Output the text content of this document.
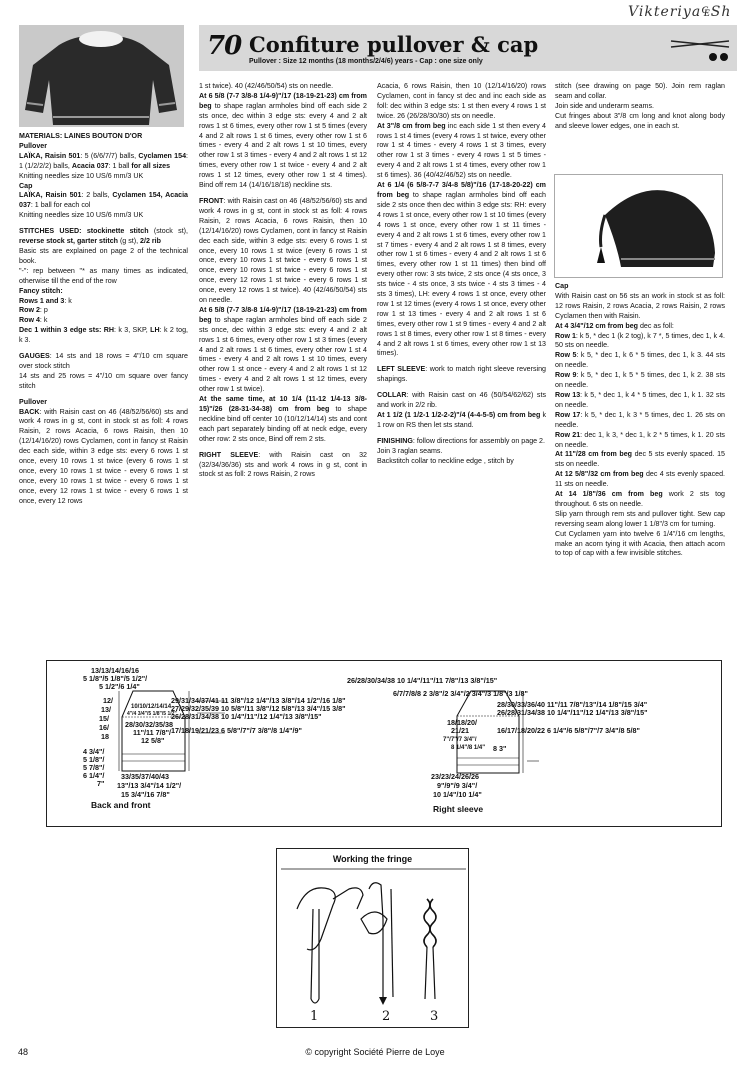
Vikteriya₠Sh
70 Confiture pullover & cap
Pullover : Size 12 months (18 months/2/4/6) years - Cap : one size only

MATERIALS: LAINES BOUTON D'OR
Pullover
LAÏKA, Raisin 501: 5 (6/6/7/7) balls, Cyclamen 154: 1 (1/2/2/2) balls, Acacia 037: 1 ball for all sizes
Knitting needles size 10 US/6 mm/3 UK
Cap
LAÏKA, Raisin 501: 2 balls, Cyclamen 154, Acacia 037: 1 ball for each col
Knitting needles size 10 US/6 mm/3 UK

STITCHES USED: stockinette stitch (stock st), reverse stock st, garter stitch (g st), 2/2 rib
Basic sts are explained on page 2 of the technical book.
"-": rep between "* as many times as indicated, otherwise till the end of the row
Fancy stitch:
Rows 1 and 3: k
Row 2: p
Row 4: k
Dec 1 within 3 edge sts: RH: k 3, SKP, LH: k 2 tog, k 3.

GAUGES: 14 sts and 18 rows = 4"/10 cm square over stock stitch
14 sts and 25 rows = 4"/10 cm square over fancy stitch

Pullover
BACK: with Raisin cast on 46 (48/52/56/60) sts and work 4 rows in g st, cont in stock st as foll: 4 rows Raisin, 2 rows Acacia, 6 rows Raisin, then 10 (12/14/16/20) rows Cyclamen, cont in fancy st Raisin dec each side, within 3 edge sts: every 6 rows 1 st once, every 10 rows 1 st twice (every 6 rows 1 st once, every 10 rows 1 st twice - every 6 rows 1 st once, every 10 rows 1 st twice - every 6 rows 1 st once, every 12 rows 1 st twice - every 6 rows 1 st once, every 12 rows

1 st twice). 40 (42/46/50/54) sts on needle.
At 6 5/8 (7-7 3/8-8 1/4-9)"/17 (18-19-21-23) cm from beg to shape raglan armholes bind off each side 2 sts once, dec within 3 edge sts: every 4 and 2 alt rows 1 st 6 times, every other row 1 st 5 times (every 4 and 2 alt rows 1 st 6 times, every other row 1 st 6 times - every 4 and 2 alt rows 1 st 10 times, every other row 1 st 3 times - every 4 and 2 alt rows 1 st 12 times, every other row 1 st twice - every 4 and 2 alt rows 1 st 12 times, every other row 1 st 4 times). Bind off rem 14 (14/16/18/18) neckline sts.

FRONT: with Raisin cast on 46 (48/52/56/60) sts and work 4 rows in g st, cont in stock st as foll: 4 rows Raisin, 2 rows Acacia, 6 rows Raisin, then 10 (12/14/16/20) rows Cyclamen, cont in fancy st Raisin dec each side, within 3 edge sts: every 6 rows 1 st once, every 10 rows 1 st twice (every 6 rows 1 st once, every 10 rows 1 st twice - every 6 rows 1 st once, every 10 rows 1 st twice - every 6 rows 1 st once, every 12 rows 1 st twice - every 6 rows 1 st once, every 12 rows 1 st twice). 40 (42/46/50/54) sts on needle.
At 6 5/8 (7-7 3/8-8 1/4-9)"/17 (18-19-21-23) cm from beg to shape raglan armholes bind off each side 2 sts once, dec within 3 edge sts: every 4 and 2 alt rows 1 st 6 times, every other row 1 st 3 times (every 4 and 2 alt rows 1 st 6 times, every other row 1 st 4 times - every 4 and 2 alt rows 1 st 10 times, every other row 1 st once - every 4 and 2 alt rows 1 st 12 times - every 4 and 2 alt rows 1 st 12 times, every other row 1 st twice).
At the same time, at 10 1/4 (11-12 1/4-13 3/8-15)"/26 (28-31-34-38) cm from beg to shape neckline bind off center 10 (10/12/14/14) sts and cont each part separately binding off at neck edge, every other row: 2 sts once, Bind off rem 2 sts.

RIGHT SLEEVE: with Raisin cast on 32 (32/34/36/36) sts and work 4 rows in g st, cont in stock st as foll: 2 rows Raisin, 2 rows

Acacia, 6 rows Raisin, then 10 (12/14/16/20) rows Cyclamen, cont in fancy st dec and inc each side as foll: dec within 3 edge sts: 1 st then every 4 rows 1 st twice. 26 (26/28/30/30) sts on needle.
At 3"/8 cm from beg inc each side 1 st then every 4 rows 1 st 4 times (every 4 rows 1 st twice, every other row 1 st 4 times - every 4 rows 1 st 3 times, every other row 1 st 3 times - every 4 rows 1 st 5 times - every 4 and 2 alt rows 1 st 4 times, every other row 1 st 6 times). 36 (40/42/46/52) sts on needle.
At 6 1/4 (6 5/8-7-7 3/4-8 5/8)"/16 (17-18-20-22) cm from beg to shape raglan armholes bind off each side 2 sts once then dec within 3 edge sts: RH: every 4 rows 1 st once, every other row 1 st 10 times (every 4 rows 1 st once, every other row 1 st 11 times - every 4 and 2 alt rows 1 st 6 times, every other row 1 st 7 times - every 4 and 2 alt rows 1 st 8 times, every other row 1 st 6 times - every 4 and 2 alt rows 1 st 6 times, every other row 1 st 11 times) then bind off every other row: 3 sts twice, 2 sts once (4 sts once, 3 sts twice - 4 sts once, 3 sts twice - 4 sts 3 times - 4 sts 3 times), LH: every 4 rows 1 st once, every other row 1 st 12 times (every 4 rows 1 st once, every other row 1 st 13 times - every 4 and 2 alt rows 1 st 6 times, every other row 1 st 9 times - every 4 and 2 alt rows 1 st 8 times, every other row 1 st 8 times - every 4 and 2 alt rows 1 st 6 times, every other row 1 st 13 times).

LEFT SLEEVE: work to match right sleeve reversing shapings.

COLLAR: with Raisin cast on 46 (50/54/62/62) sts and work in 2/2 rib.
At 1 1/2 (1 1/2-1 1/2-2-2)"/4 (4-4-5-5) cm from beg k 1 row on RS then let sts stand.

FINISHING: follow directions for assembly on page 2.
Join 3 raglan seams.
Backstitch collar to neckline edge , stitch by

stitch (see drawing on page 50). Join rem raglan seam and collar.
Join side and underarm seams.
Cut fringes about 3"/8 cm long and knot along body and sleeve lower edges, one in each st.

Cap
With Raisin cast on 56 sts an work in stock st as foll: 12 rows Raisin, 2 rows Acacia, 2 rows Raisin, 2 rows Cyclamen then with Raisin.
At 4 3/4"/12 cm from beg dec as foll:
Row 1: k 5, * dec 1 (k 2 tog), k 7 *, 5 times, dec 1, k 4. 50 sts on needle.
Row 5: k 5, * dec 1, k 6 * 5 times, dec 1, k 3. 44 sts on needle.
Row 9: k 5, * dec 1, k 5 * 5 times, dec 1, k 2. 38 sts on needle.
Row 13: k 5, * dec 1, k 4 * 5 times, dec 1, k 1. 32 sts on needle.
Row 17: k 5, * dec 1, k 3 * 5 times, dec 1. 26 sts on needle.
Row 21: dec 1, k 3, * dec 1, k 2 * 5 times, k 1. 20 sts on needle.
At 11"/28 cm from beg dec 5 sts evenly spaced. 15 sts on needle.
At 12 5/8"/32 cm from beg dec 4 sts evenly spaced. 11 sts on needle.
At 14 1/8"/36 cm from beg work 2 sts tog throughout. 6 sts on needle.
Slip yarn through rem sts and pullover tight. Sew cap reversing seam along lower 1 1/8"/3 cm for turning.
Cut Cyclamen yarn into twelve 6 1/4"/16 cm lengths, make an acorn tying it with Acacia, then attach acorn to top of cap with a few invisible stitches.

13/13/14/16/16
5 1/8"/5 1/8"/5 1/2"/
5 1/2"/6 1/4"
12/
13/
15/
16/
18
4 3/4"/
5 1/8"/
5 7/8"/
6 1/4"/
7"
10/10/12/14/14
4"/4 3/4"/5 1/8"/5 1/2"
28/30/32/35/38
11"/11 7/8"/
12 5/8"
29/31/34/37/41 11 3/8"/12 1/4"/13 3/8"/14 1/2"/16 1/8"
27/29/32/35/39 10 5/8"/11 3/8"/12 5/8"/13 3/4"/15 3/8"
26/28/31/34/38 10 1/4"/11"/12 1/4"/13 3/8"/15"
17/18/19/21/23 6 5/8"/7"/7 3/8"/8 1/4"/9"
33/35/37/40/43
13"/13 3/4"/14 1/2"/
15 3/4"/16 7/8"
Back and front
26/28/30/34/38 10 1/4"/11"/11 7/8"/13 3/8"/15"
6/7/7/8/8 2 3/8"/2 3/4"/2 3/4"/3 1/8"/3 1/8"
18/18/20/
21/21
7"/7"/7 3/4"/
8 1/4"/8 1/4"
28/30/33/36/40 11"/11 7/8"/13"/14 1/8"/15 3/4"
26/28/31/34/38 10 1/4"/11"/12 1/4"/13 3/8"/15"
16/17/18/20/22 6 1/4"/6 5/8"/7"/7 3/4"/8 5/8"
8 3"
23/23/24/26/26
9"/9"/9 3/4"/
10 1/4"/10 1/4"
Right sleeve
Working the fringe
1	2	3
48	© copyright Société Pierre de Loye
